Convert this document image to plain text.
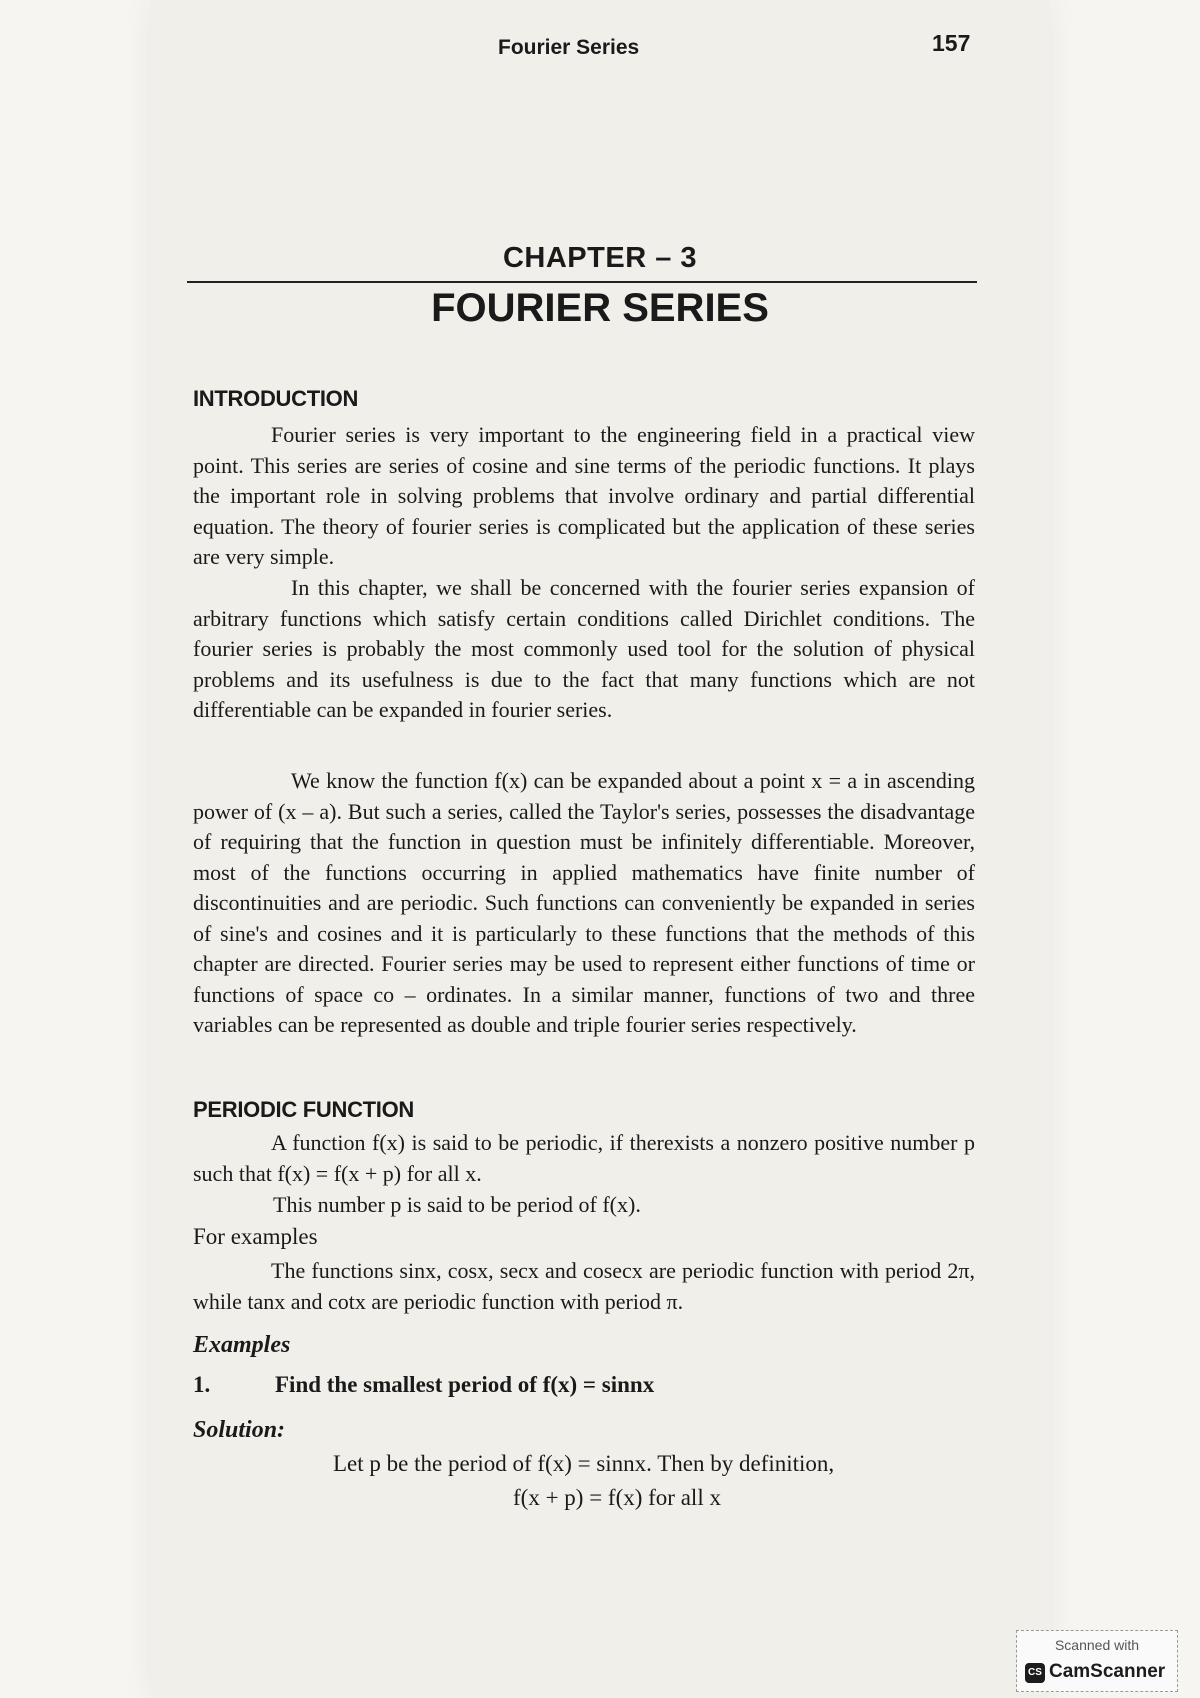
Fourier Series	157
CHAPTER – 3
FOURIER SERIES
INTRODUCTION

Fourier series is very important to the engineering field in a practical view point. This series are series of cosine and sine terms of the periodic functions. It plays the important role in solving problems that involve ordinary and partial differential equation. The theory of fourier series is complicated but the application of these series are very simple.

In this chapter, we shall be concerned with the fourier series expansion of arbitrary functions which satisfy certain conditions called Dirichlet conditions. The fourier series is probably the most commonly used tool for the solution of physical problems and its usefulness is due to the fact that many functions which are not differentiable can be expanded in fourier series.

We know the function f(x) can be expanded about a point x = a in ascending power of (x – a). But such a series, called the Taylor's series, possesses the disadvantage of requiring that the function in question must be infinitely differentiable. Moreover, most of the functions occurring in applied mathematics have finite number of discontinuities and are periodic. Such functions can conveniently be expanded in series of sine's and cosines and it is particularly to these functions that the methods of this chapter are directed. Fourier series may be used to represent either functions of time or functions of space co – ordinates. In a similar manner, functions of two and three variables can be represented as double and triple fourier series respectively.

PERIODIC FUNCTION

A function f(x) is said to be periodic, if therexists a nonzero positive number p such that f(x) = f(x + p) for all x.

This number p is said to be period of f(x).

For examples

The functions sinx, cosx, secx and cosecx are periodic function with period 2π, while tanx and cotx are periodic function with period π.

Examples

1.	Find the smallest period of f(x) = sinnx

Solution:

Let p be the period of f(x) = sinnx. Then by definition,

f(x + p) = f(x) for all x

Scanned with
CS CamScanner
